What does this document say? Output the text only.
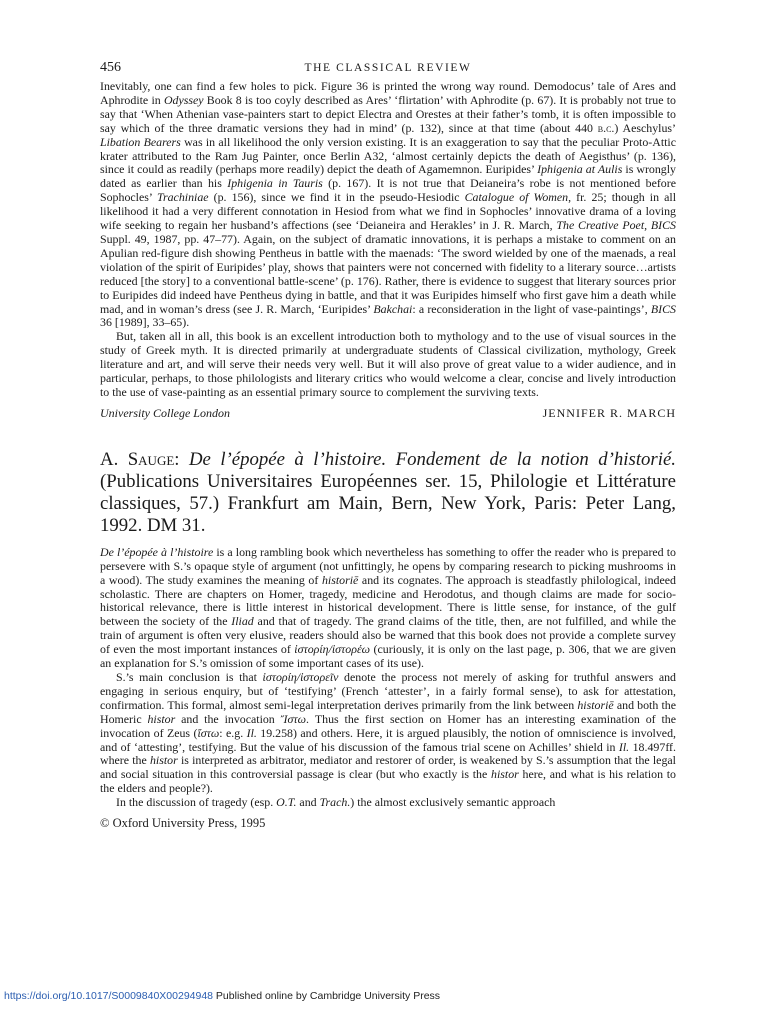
456	THE CLASSICAL REVIEW

Inevitably, one can find a few holes to pick. Figure 36 is printed the wrong way round. Demodocus’ tale of Ares and Aphrodite in Odyssey Book 8 is too coyly described as Ares’ ‘flirtation’ with Aphrodite (p. 67). It is probably not true to say that ‘When Athenian vase-painters start to depict Electra and Orestes at their father’s tomb, it is often impossible to say which of the three dramatic versions they had in mind’ (p. 132), since at that time (about 440 b.c.) Aeschylus’ Libation Bearers was in all likelihood the only version existing. It is an exaggeration to say that the peculiar Proto-Attic krater attributed to the Ram Jug Painter, once Berlin A32, ‘almost certainly depicts the death of Aegisthus’ (p. 136), since it could as readily (perhaps more readily) depict the death of Agamemnon. Euripides’ Iphigenia at Aulis is wrongly dated as earlier than his Iphigenia in Tauris (p. 167). It is not true that Deianeira’s robe is not mentioned before Sophocles’ Trachiniae (p. 156), since we find it in the pseudo-Hesiodic Catalogue of Women, fr. 25; though in all likelihood it had a very different connotation in Hesiod from what we find in Sophocles’ innovative drama of a loving wife seeking to regain her husband’s affections (see ‘Deianeira and Herakles’ in J. R. March, The Creative Poet, BICS Suppl. 49, 1987, pp. 47–77). Again, on the subject of dramatic innovations, it is perhaps a mistake to comment on an Apulian red-figure dish showing Pentheus in battle with the maenads: ‘The sword wielded by one of the maenads, a real violation of the spirit of Euripides’ play, shows that painters were not concerned with fidelity to a literary source…artists reduced [the story] to a conventional battle-scene’ (p. 176). Rather, there is evidence to suggest that literary sources prior to Euripides did indeed have Pentheus dying in battle, and that it was Euripides himself who first gave him a death while mad, and in woman’s dress (see J. R. March, ‘Euripides’ Bakchai: a reconsideration in the light of vase-paintings’, BICS 36 [1989], 33–65).

But, taken all in all, this book is an excellent introduction both to mythology and to the use of visual sources in the study of Greek myth. It is directed primarily at undergraduate students of Classical civilization, mythology, Greek literature and art, and will serve their needs very well. But it will also prove of great value to a wider audience, and in particular, perhaps, to those philologists and literary critics who would welcome a clear, concise and lively introduction to the use of vase-painting as an essential primary source to complement the surviving texts.

University College London	JENNIFER R. MARCH
A. Sauge: De l’épopée à l’histoire. Fondement de la notion d’historié. (Publications Universitaires Européennes ser. 15, Philologie et Littérature classiques, 57.) Frankfurt am Main, Bern, New York, Paris: Peter Lang, 1992. DM 31.

De l’épopée à l’histoire is a long rambling book which nevertheless has something to offer the reader who is prepared to persevere with S.’s opaque style of argument (not unfittingly, he opens by comparing research to picking mushrooms in a wood). The study examines the meaning of historiē and its cognates. The approach is steadfastly philological, indeed scholastic. There are chapters on Homer, tragedy, medicine and Herodotus, and though claims are made for socio-historical relevance, there is little interest in historical development. There is little sense, for instance, of the gulf between the society of the Iliad and that of tragedy. The grand claims of the title, then, are not fulfilled, and while the train of argument is often very elusive, readers should also be warned that this book does not provide a complete survey of even the most important instances of ἱστορίη/ἱστορέω (curiously, it is only on the last page, p. 306, that we are given an explanation for S.’s omission of some important cases of its use).

S.’s main conclusion is that ἱστορίη/ἱστορεῖν denote the process not merely of asking for truthful answers and engaging in serious enquiry, but of ‘testifying’ (French ‘attester’, in a fairly formal sense), to ask for attestation, confirmation. This formal, almost semi-legal interpretation derives primarily from the link between historiē and both the Homeric histor and the invocation Ἴστω. Thus the first section on Homer has an interesting examination of the invocation of Zeus (ἴστω: e.g. Il. 19.258) and others. Here, it is argued plausibly, the notion of omniscience is involved, and of ‘attesting’, testifying. But the value of his discussion of the famous trial scene on Achilles’ shield in Il. 18.497ff. where the histor is interpreted as arbitrator, mediator and restorer of order, is weakened by S.’s assumption that the legal and social situation in this controversial passage is clear (but who exactly is the histor here, and what is his relation to the elders and people?).

In the discussion of tragedy (esp. O.T. and Trach.) the almost exclusively semantic approach

© Oxford University Press, 1995
https://doi.org/10.1017/S0009840X00294948 Published online by Cambridge University Press
